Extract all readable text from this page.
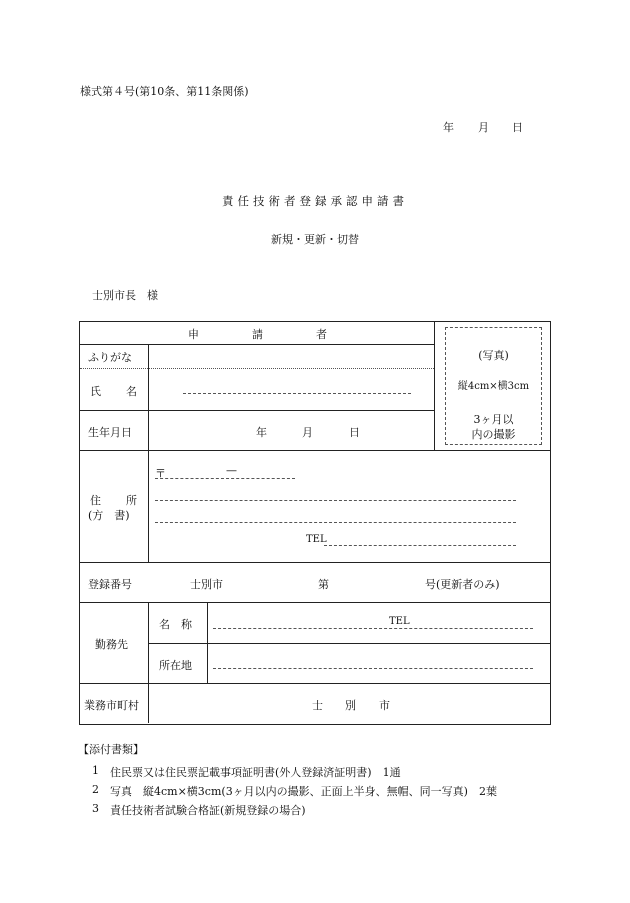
様式第４号(第10条、第11条関係)
年 月 日
責任技術者登録承認申請書
新規・更新・切替
士別市長　様
申	請	者
ふりがな
氏 名
生年月日	年	月	日
(写真)
縦4cm×横3cm
3ヶ月以
内の撮影
住 所
(方　書)
〒	—
TEL
登録番号	士別市	第	号(更新者のみ)
勤務先
名　称	TEL
所在地
業務市町村	士 別 市
【添付書類】
1 住民票又は住民票記載事項証明書(外人登録済証明書)　1通
2 写真　縦4cm×横3cm(3ヶ月以内の撮影、正面上半身、無帽、同一写真)　2葉
3 責任技術者試験合格証(新規登録の場合)
